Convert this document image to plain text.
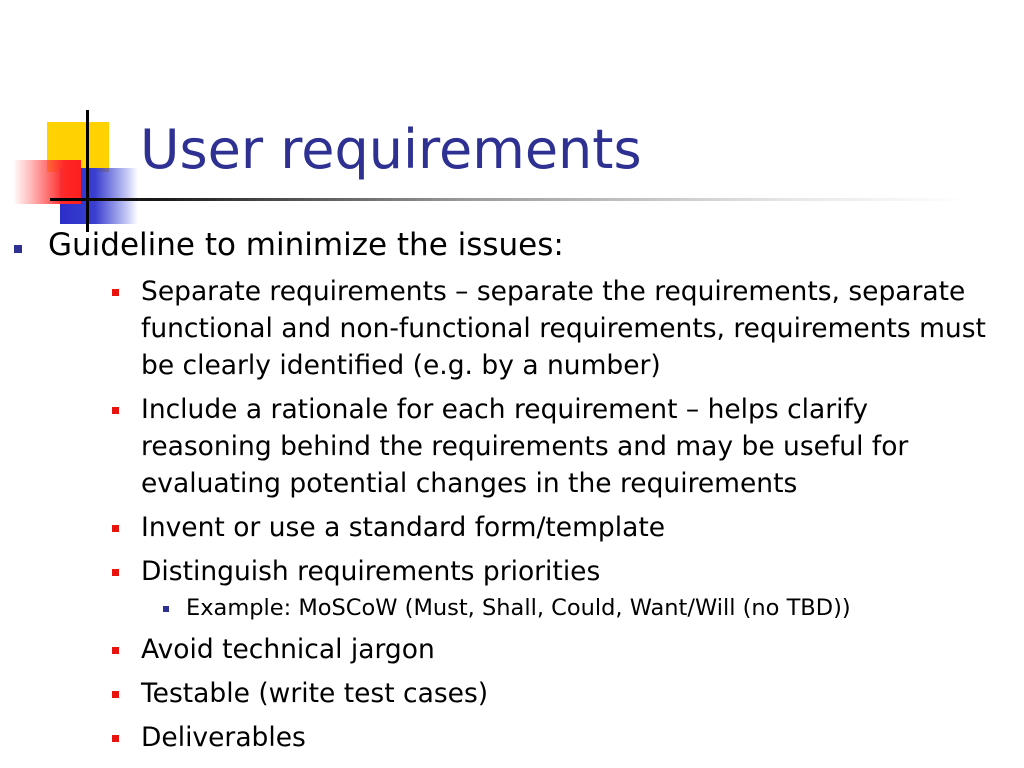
User requirements
Guideline to minimize the issues:
Separate requirements – separate the requirements, separate functional and non-functional requirements, requirements must be clearly identified (e.g. by a number)
Include a rationale for each requirement – helps clarify reasoning behind the requirements and may be useful for evaluating potential changes in the requirements
Invent or use a standard form/template
Distinguish requirements priorities
Example: MoSCoW (Must, Shall, Could, Want/Will (no TBD))
Avoid technical jargon
Testable (write test cases)
Deliverables
